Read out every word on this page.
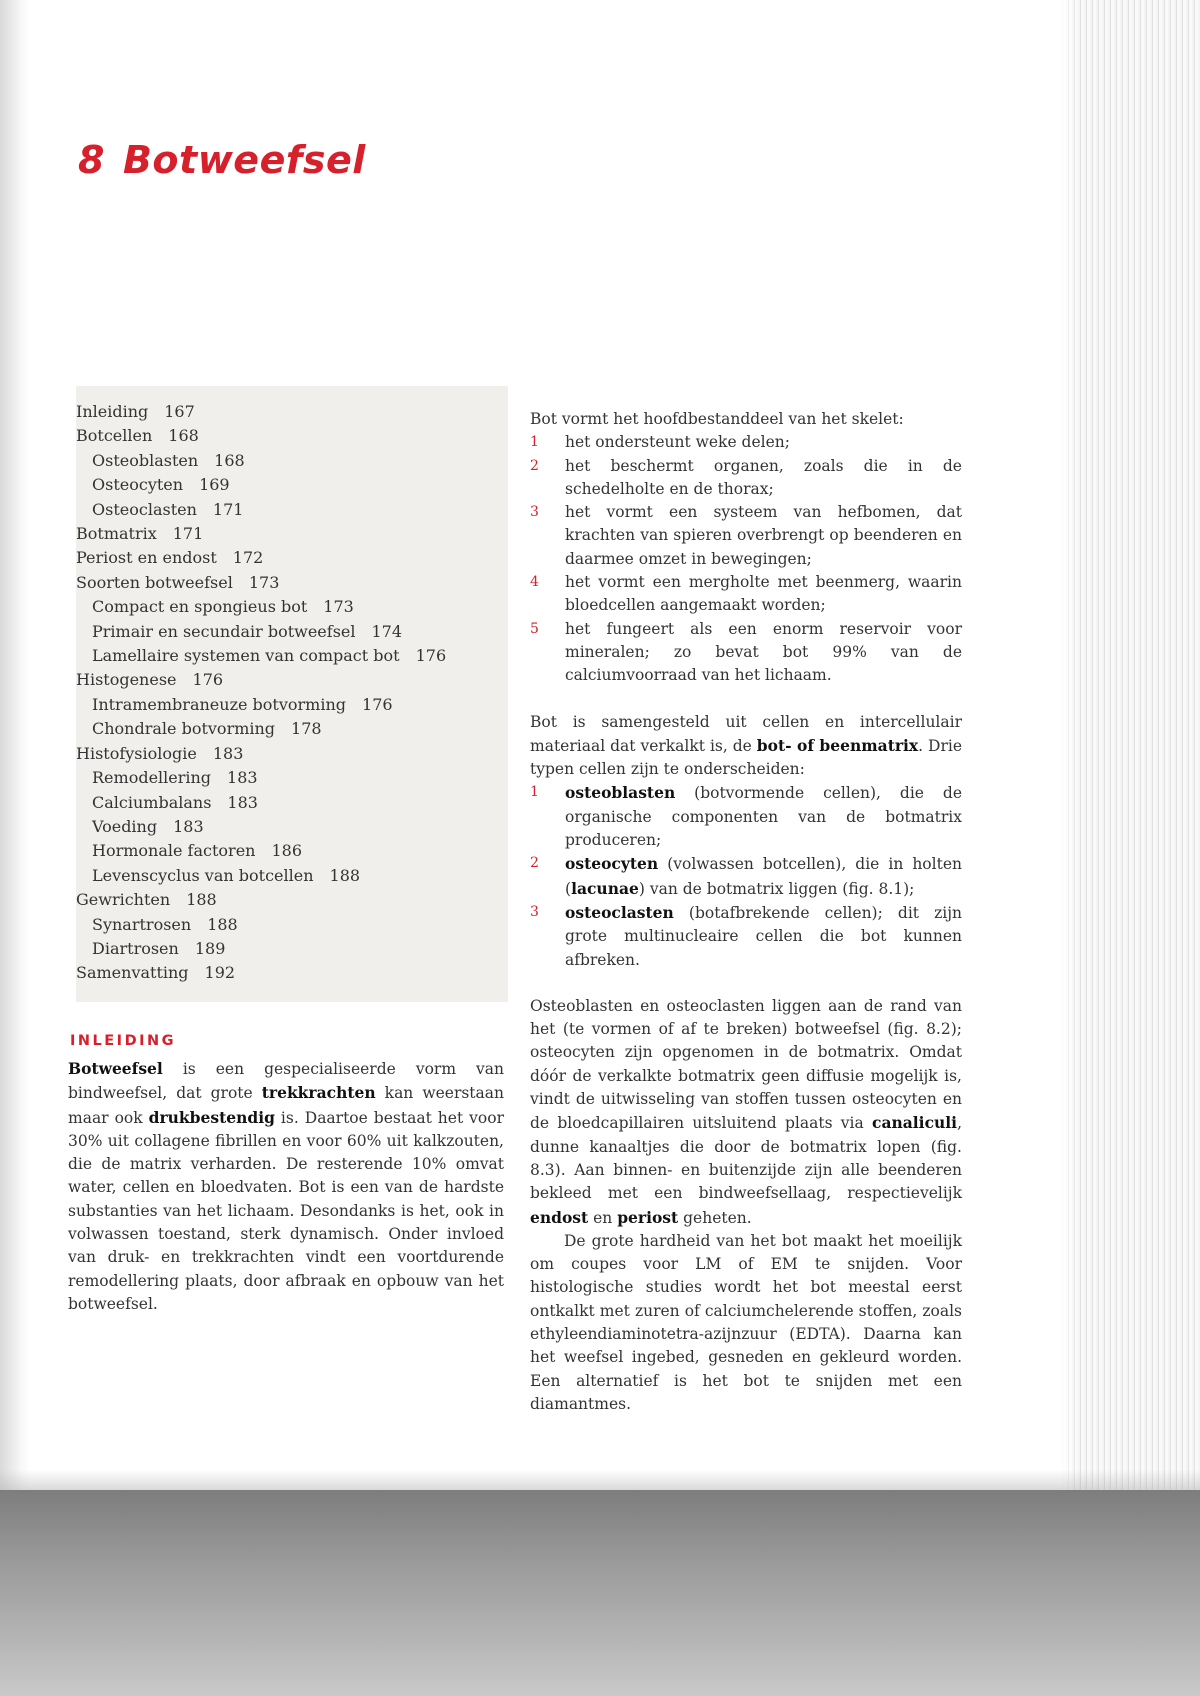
8 Botweefsel
Inleiding 167
Botcellen 168
Osteoblasten 168
Osteocyten 169
Osteoclasten 171
Botmatrix 171
Periost en endost 172
Soorten botweefsel 173
Compact en spongieus bot 173
Primair en secundair botweefsel 174
Lamellaire systemen van compact bot 176
Histogenese 176
Intramembraneuze botvorming 176
Chondrale botvorming 178
Histofysiologie 183
Remodellering 183
Calciumbalans 183
Voeding 183
Hormonale factoren 186
Levenscyclus van botcellen 188
Gewrichten 188
Synartrosen 188
Diartrosen 189
Samenvatting 192
INLEIDING

Botweefsel is een gespecialiseerde vorm van bindweefsel, dat grote trekkrachten kan weerstaan maar ook drukbestendig is. Daartoe bestaat het voor 30% uit collagene fibrillen en voor 60% uit kalkzouten, die de matrix verharden. De resterende 10% omvat water, cellen en bloedvaten. Bot is een van de hardste substanties van het lichaam. Desondanks is het, ook in volwassen toestand, sterk dynamisch. Onder invloed van druk- en trekkrachten vindt een voortdurende remodellering plaats, door afbraak en opbouw van het botweefsel.

Bot vormt het hoofdbestanddeel van het skelet:

1 het ondersteunt weke delen;
2 het beschermt organen, zoals die in de schedelholte en de thorax;
3 het vormt een systeem van hefbomen, dat krachten van spieren overbrengt op beenderen en daarmee omzet in bewegingen;
4 het vormt een mergholte met beenmerg, waarin bloedcellen aangemaakt worden;
5 het fungeert als een enorm reservoir voor mineralen; zo bevat bot 99% van de calciumvoorraad van het lichaam.

Bot is samengesteld uit cellen en intercellulair materiaal dat verkalkt is, de bot- of beenmatrix. Drie typen cellen zijn te onderscheiden:

1 osteoblasten (botvormende cellen), die de organische componenten van de botmatrix produceren;
2 osteocyten (volwassen botcellen), die in holten (lacunae) van de botmatrix liggen (fig. 8.1);
3 osteoclasten (botafbrekende cellen); dit zijn grote multinucleaire cellen die bot kunnen afbreken.

Osteoblasten en osteoclasten liggen aan de rand van het (te vormen of af te breken) botweefsel (fig. 8.2); osteocyten zijn opgenomen in de botmatrix. Omdat dóór de verkalkte botmatrix geen diffusie mogelijk is, vindt de uitwisseling van stoffen tussen osteocyten en de bloedcapillairen uitsluitend plaats via canaliculi, dunne kanaaltjes die door de botmatrix lopen (fig. 8.3). Aan binnen- en buitenzijde zijn alle beenderen bekleed met een bindweefsellaag, respectievelijk endost en periost geheten.

De grote hardheid van het bot maakt het moeilijk om coupes voor LM of EM te snijden. Voor histologische studies wordt het bot meestal eerst ontkalkt met zuren of calciumchelerende stoffen, zoals ethyleendiaminotetra-azijnzuur (EDTA). Daarna kan het weefsel ingebed, gesneden en gekleurd worden. Een alternatief is het bot te snijden met een diamantmes.
